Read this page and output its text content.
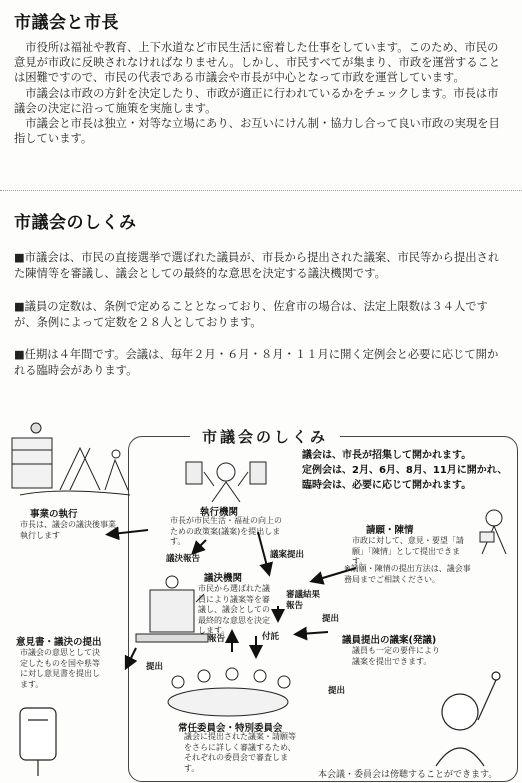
市議会と市長

市役所は福祉や教育、上下水道など市民生活に密着した仕事をしています。このため、市民の意見が市政に反映されなければなりません。しかし、市民すべてが集まり、市政を運営することは困難ですので、市民の代表である市議会や市長が中心となって市政を運営しています。

市議会は市政の方針を決定したり、市政が適正に行われているかをチェックします。市長は市議会の決定に沿って施策を実施します。

市議会と市長は独立・対等な立場にあり、お互いにけん制・協力し合って良い市政の実現を目指しています。

市議会のしくみ
■市議会は、市民の直接選挙で選ばれた議員が、市長から提出された議案、市民等から提出された陳情等を審議し、議会としての最終的な意思を決定する議決機関です。
■議員の定数は、条例で定めることとなっており、佐倉市の場合は、法定上限数は３４人ですが、条例によって定数を２８人としております。
■任期は４年間です。会議は、毎年２月・６月・８月・１１月に開く定例会と必要に応じて開かれる臨時会があります。
市議会のしくみ
議会は、市長が招集して開かれます。
定例会は、2月、6月、8月、11月に開かれ、
臨時会は、必要に応じて開かれます。
執行機関
市長が市民生活・福祉の向上のための政策案(議案)を提出します。
事業の執行
市長は、議会の議決後事業執行します
議決報告	議案提出
議決機関
市民から選ばれた議員により議案等を審議し、議会としての最終的な意思を決定します。
請願・陳情
市政に対して、意見・要望「請願」「陳情」として提出できます。
※請願・陳情の提出方法は、議会事務局までご相談ください。
審議結果報告
意見書・議決の提出
市議会の意思として決定したものを国や県等に対し意見書を提出します。
報告	付託
提出
提出
提出
議員提出の議案(発議)
議員も一定の要件により議案を提出できます。
常任委員会・特別委員会
議会に提出された議案・請願等をさらに詳しく審議するため、それぞれの委員会で審査します。
本会議・委員会は傍聴することができます。
